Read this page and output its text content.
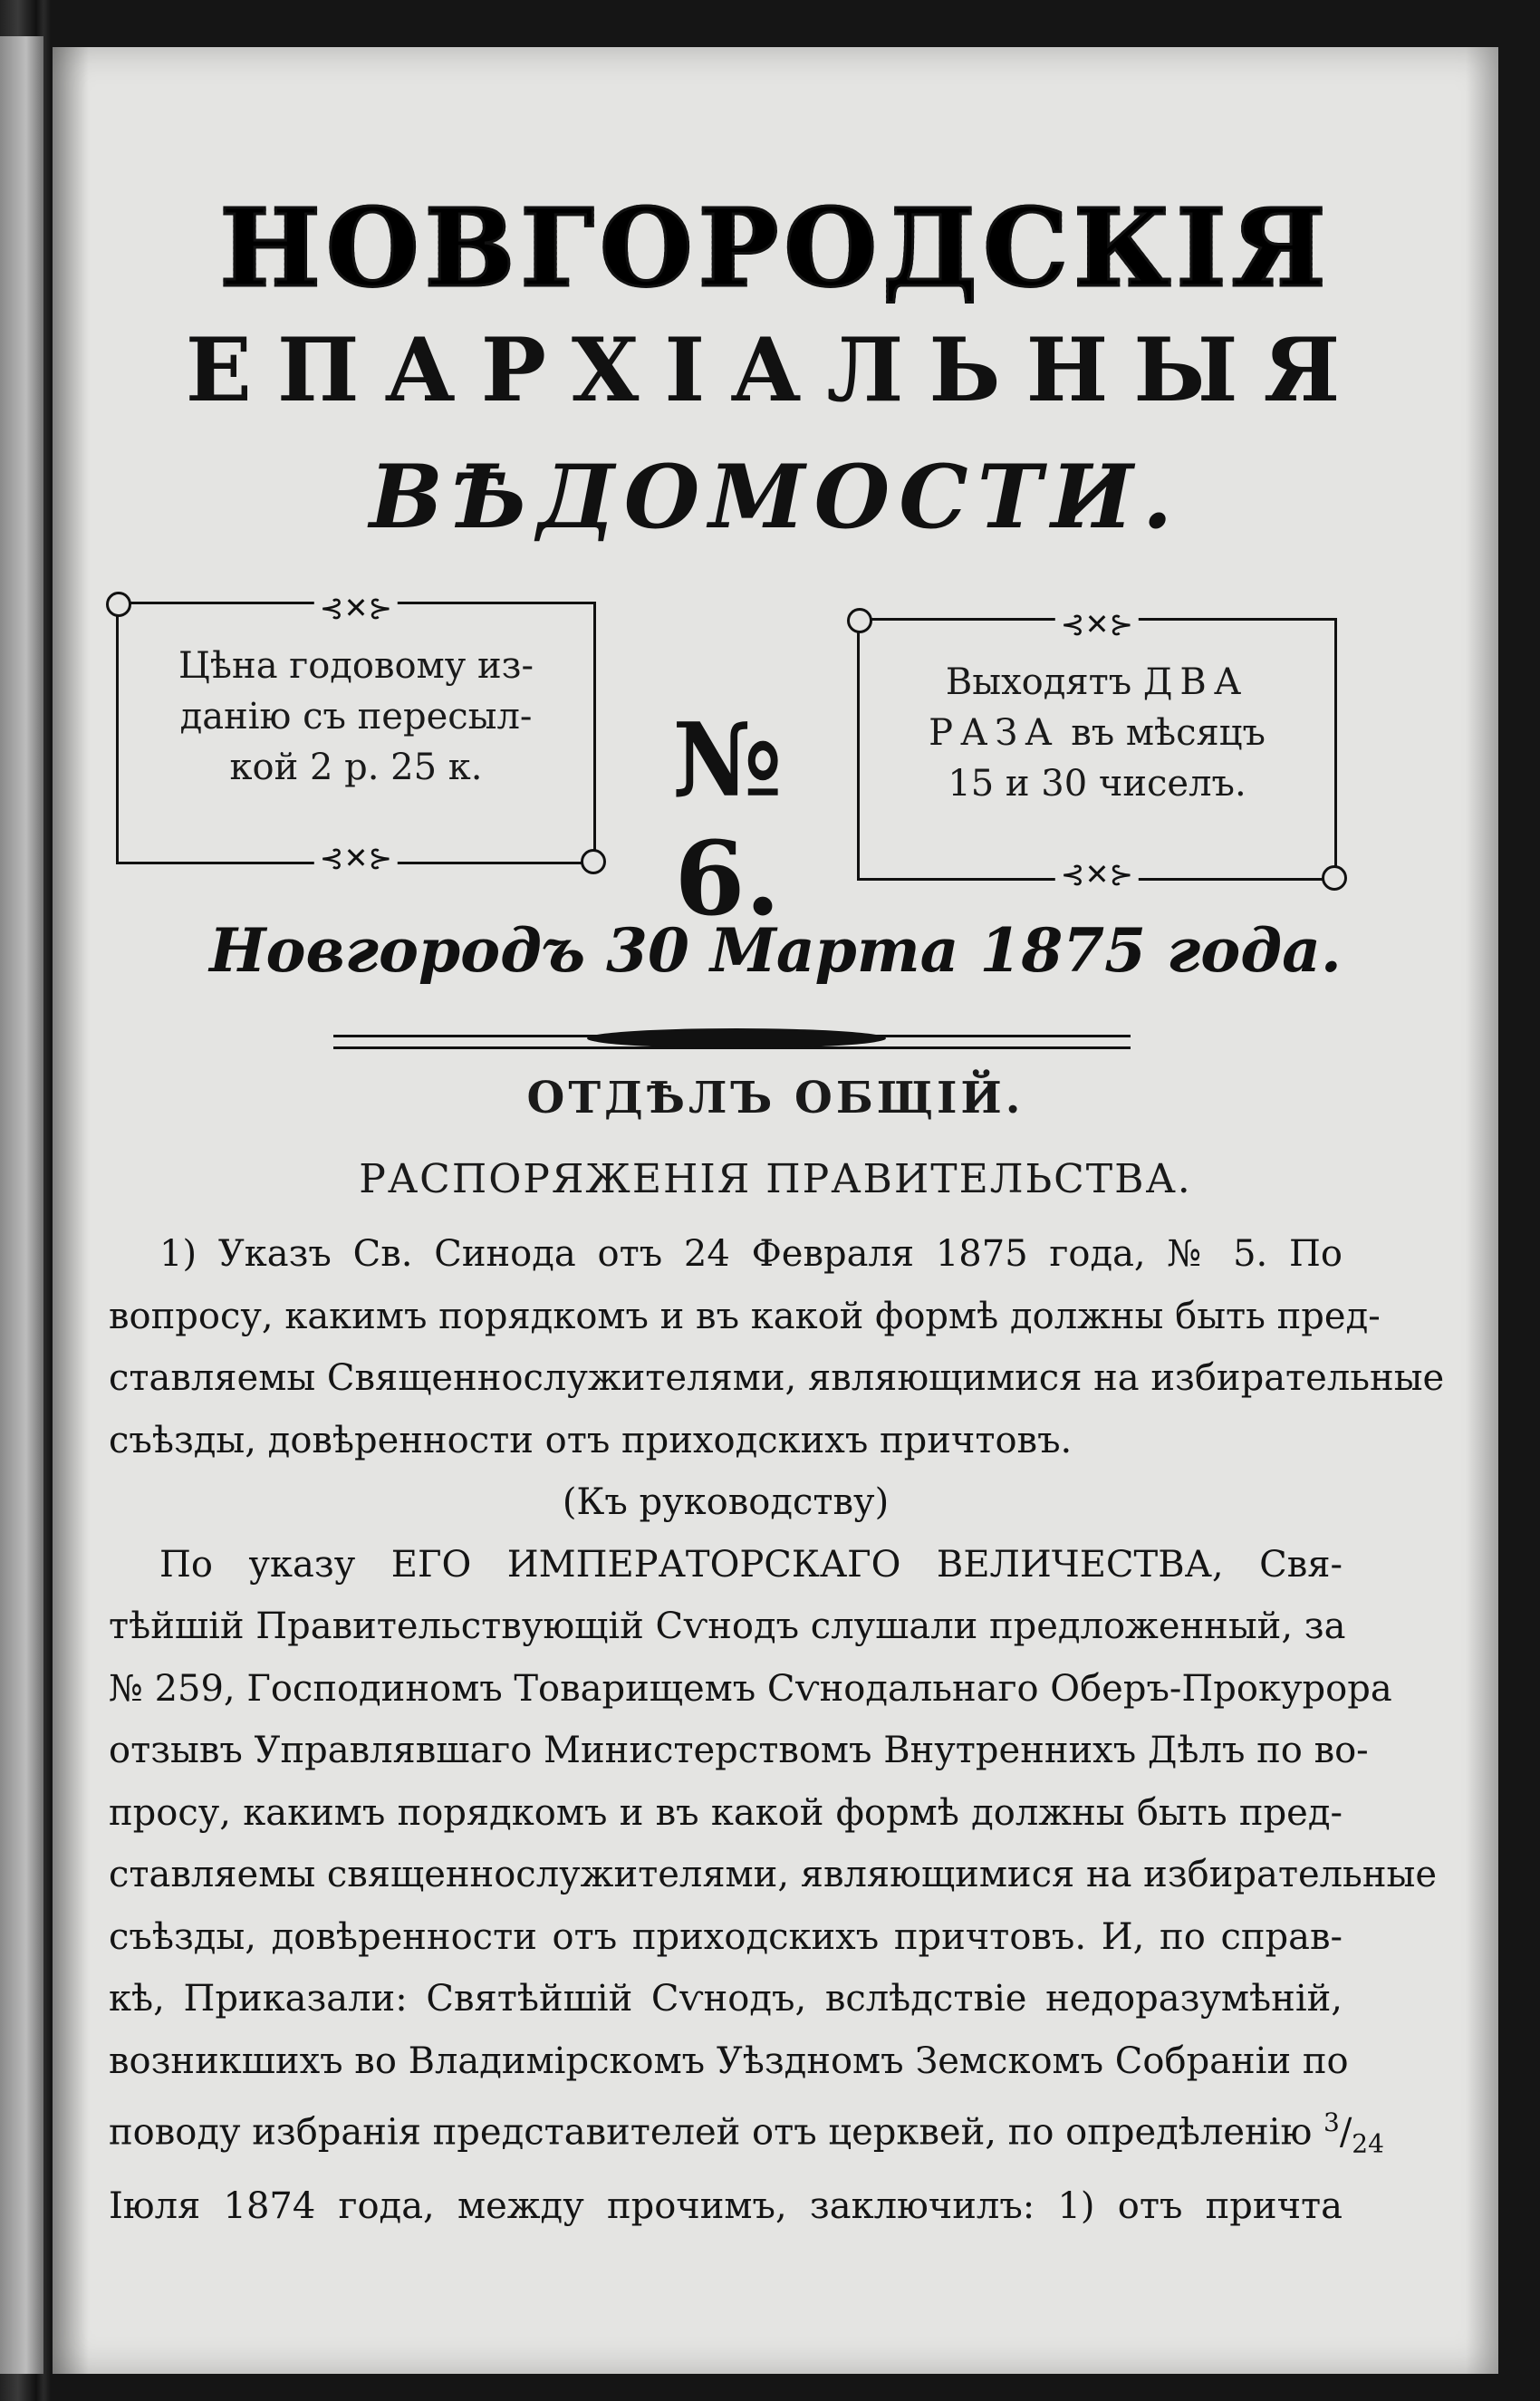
НОВГОРОДСКІЯ
ЕПАРХІАЛЬНЫЯ
ВѢДОМОСТИ.
⊰✕⊱
Цѣна годовому из-
данію съ пересыл-
кой 2 р. 25 к.
⊰✕⊱
№ 6.
⊰✕⊱
Выходятъ ДВА
РАЗА въ мѣсяцъ
15 и 30 чиселъ.
⊰✕⊱
Новгородъ 30 Марта 1875 года.
ОТДѢЛЪ ОБЩІЙ.
РАСПОРЯЖЕНІЯ ПРАВИТЕЛЬСТВА.

1) Указъ Св. Синода отъ 24 Февраля 1875 года, № 5. По
вопросу, какимъ порядкомъ и въ какой формѣ должны быть пред-
ставляемы Священнослужителями, являющимися на избирательные
съѣзды, довѣренности отъ приходскихъ причтовъ.

(Къ руководству)

По указу ЕГО ИМПЕРАТОРСКАГО ВЕЛИЧЕСТВА, Свя-
тѣйшій Правительствующій Сѵнодъ слушали предложенный, за
№ 259, Господиномъ Товарищемъ Сѵнодальнаго Оберъ-Прокурора
отзывъ Управлявшаго Министерствомъ Внутреннихъ Дѣлъ по во-
просу, какимъ порядкомъ и въ какой формѣ должны быть пред-
ставляемы священнослужителями, являющимися на избирательные
съѣзды, довѣренности отъ приходскихъ причтовъ. И, по справ-
кѣ, Приказали: Святѣйшій Сѵнодъ, вслѣдствіе недоразумѣній,
возникшихъ во Владимірскомъ Уѣздномъ Земскомъ Собраніи по
поводу избранія представителей отъ церквей, по опредѣленію $^3/_{24}$
Іюля 1874 года, между прочимъ, заключилъ: 1) отъ причта
